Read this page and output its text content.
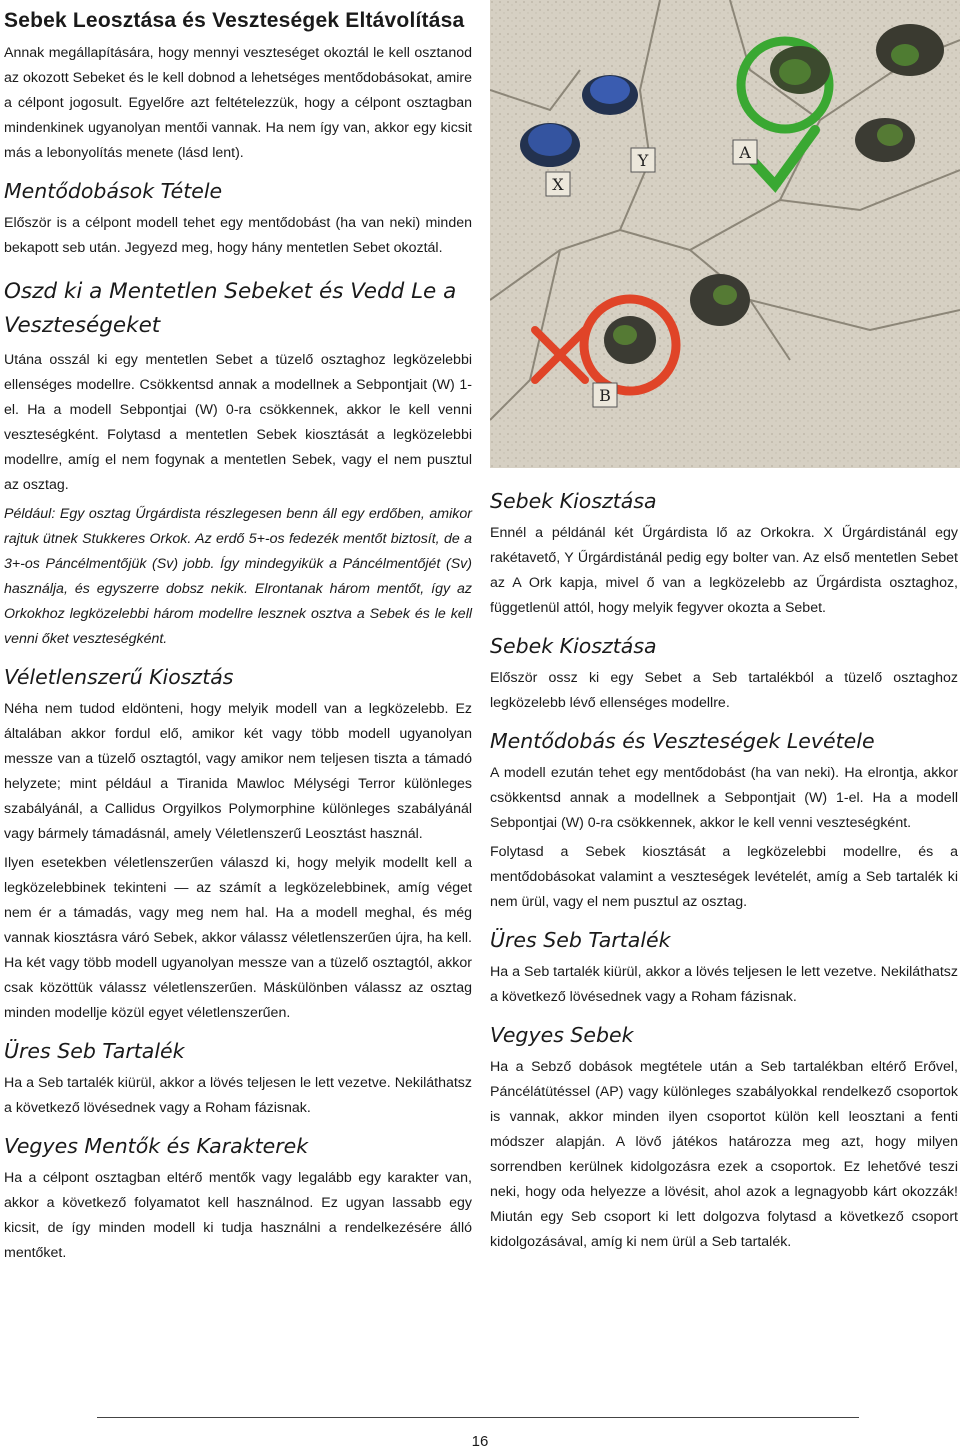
Sebek Leosztása és Veszteségek Eltávolítása

Annak megállapítására, hogy mennyi veszteséget okoztál le kell osztanod az okozott Sebeket és le kell dobnod a lehetséges mentődobásokat, amire a célpont jogosult. Egyelőre azt feltételezzük, hogy a célpont osztagban mindenkinek ugyanolyan mentői vannak. Ha nem így van, akkor egy kicsit más a lebonyolítás menete (lásd lent).

Mentődobások Tétele

Először is a célpont modell tehet egy mentődobást (ha van neki) minden bekapott seb után. Jegyezd meg, hogy hány mentetlen Sebet okoztál.

Oszd ki a Mentetlen Sebeket és Vedd Le a Veszteségeket

Utána osszál ki egy mentetlen Sebet a tüzelő osztaghoz legközelebbi ellenséges modellre. Csökkentsd annak a modellnek a Sebpontjait (W) 1-el. Ha a modell Sebpontjai (W) 0-ra csökkennek, akkor le kell venni veszteségként. Folytasd a mentetlen Sebek kiosztását a legközelebbi modellre, amíg el nem fogynak a mentetlen Sebek, vagy el nem pusztul az osztag.

Például: Egy osztag Űrgárdista részlegesen benn áll egy erdőben, amikor rajtuk ütnek Stukkeres Orkok. Az erdő 5+-os fedezék mentőt biztosít, de a 3+-os Páncélmentőjük (Sv) jobb. Így mindegyikük a Páncélmentőjét (Sv) használja, és egyszerre dobsz nekik. Elrontanak három mentőt, így az Orkokhoz legközelebbi három modellre lesznek osztva a Sebek és le kell venni őket veszteségként.

Véletlenszerű Kiosztás

Néha nem tudod eldönteni, hogy melyik modell van a legközelebb. Ez általában akkor fordul elő, amikor két vagy több modell ugyanolyan messze van a tüzelő osztagtól, vagy amikor nem teljesen tiszta a támadó helyzete; mint például a Tiranida Mawloc Mélységi Terror különleges szabályánál, a Callidus Orgyilkos Polymorphine különleges szabályánál vagy bármely támadásnál, amely Véletlenszerű Leosztást használ.

Ilyen esetekben véletlenszerűen válaszd ki, hogy melyik modellt kell a legközelebbinek tekinteni — az számít a legközelebbinek, amíg véget nem ér a támadás, vagy meg nem hal. Ha a modell meghal, és még vannak kiosztásra váró Sebek, akkor válassz véletlenszerűen újra, ha kell. Ha két vagy több modell ugyanolyan messze van a tüzelő osztagtól, akkor csak közöttük válassz véletlenszerűen. Máskülönben válassz az osztag minden modellje közül egyet véletlenszerűen.

Üres Seb Tartalék

Ha a Seb tartalék kiürül, akkor a lövés teljesen le lett vezetve. Nekiláthatsz a következő lövésednek vagy a Roham fázisnak.

Vegyes Mentők és Karakterek

Ha a célpont osztagban eltérő mentők vagy legalább egy karakter van, akkor a következő folyamatot kell használnod. Ez ugyan lassabb egy kicsit, de így minden modell ki tudja használni a rendelkezésére álló mentőket.

X
Y	A
B
Sebek Kiosztása

Ennél a példánál két Űrgárdista lő az Orkokra. X Űrgárdistánál egy rakétavető, Y Űrgárdistánál pedig egy bolter van. Az első mentetlen Sebet az A Ork kapja, mivel ő van a legközelebb az Űrgárdista osztaghoz, függetlenül attól, hogy melyik fegyver okozta a Sebet.

Sebek Kiosztása

Először ossz ki egy Sebet a Seb tartalékból a tüzelő osztaghoz legközelebb lévő ellenséges modellre.

Mentődobás és Veszteségek Levétele

A modell ezután tehet egy mentődobást (ha van neki). Ha elrontja, akkor csökkentsd annak a modellnek a Sebpontjait (W) 1-el. Ha a modell Sebpontjai (W) 0-ra csökkennek, akkor le kell venni veszteségként.

Folytasd a Sebek kiosztását a legközelebbi modellre, és a mentődobásokat valamint a veszteségek levételét, amíg a Seb tartalék ki nem ürül, vagy el nem pusztul az osztag.

Üres Seb Tartalék

Ha a Seb tartalék kiürül, akkor a lövés teljesen le lett vezetve. Nekiláthatsz a következő lövésednek vagy a Roham fázisnak.

Vegyes Sebek

Ha a Sebző dobások megtétele után a Seb tartalékban eltérő Erővel, Páncélátütéssel (AP) vagy különleges szabályokkal rendelkező csoportok is vannak, akkor minden ilyen csoportot külön kell leosztani a fenti módszer alapján. A lövő játékos határozza meg azt, hogy milyen sorrendben kerülnek kidolgozásra ezek a csoportok. Ez lehetővé teszi neki, hogy oda helyezze a lövésit, ahol azok a legnagyobb kárt okozzák! Miután egy Seb csoport ki lett dolgozva folytasd a következő csoport kidolgozásával, amíg ki nem ürül a Seb tartalék.

16
